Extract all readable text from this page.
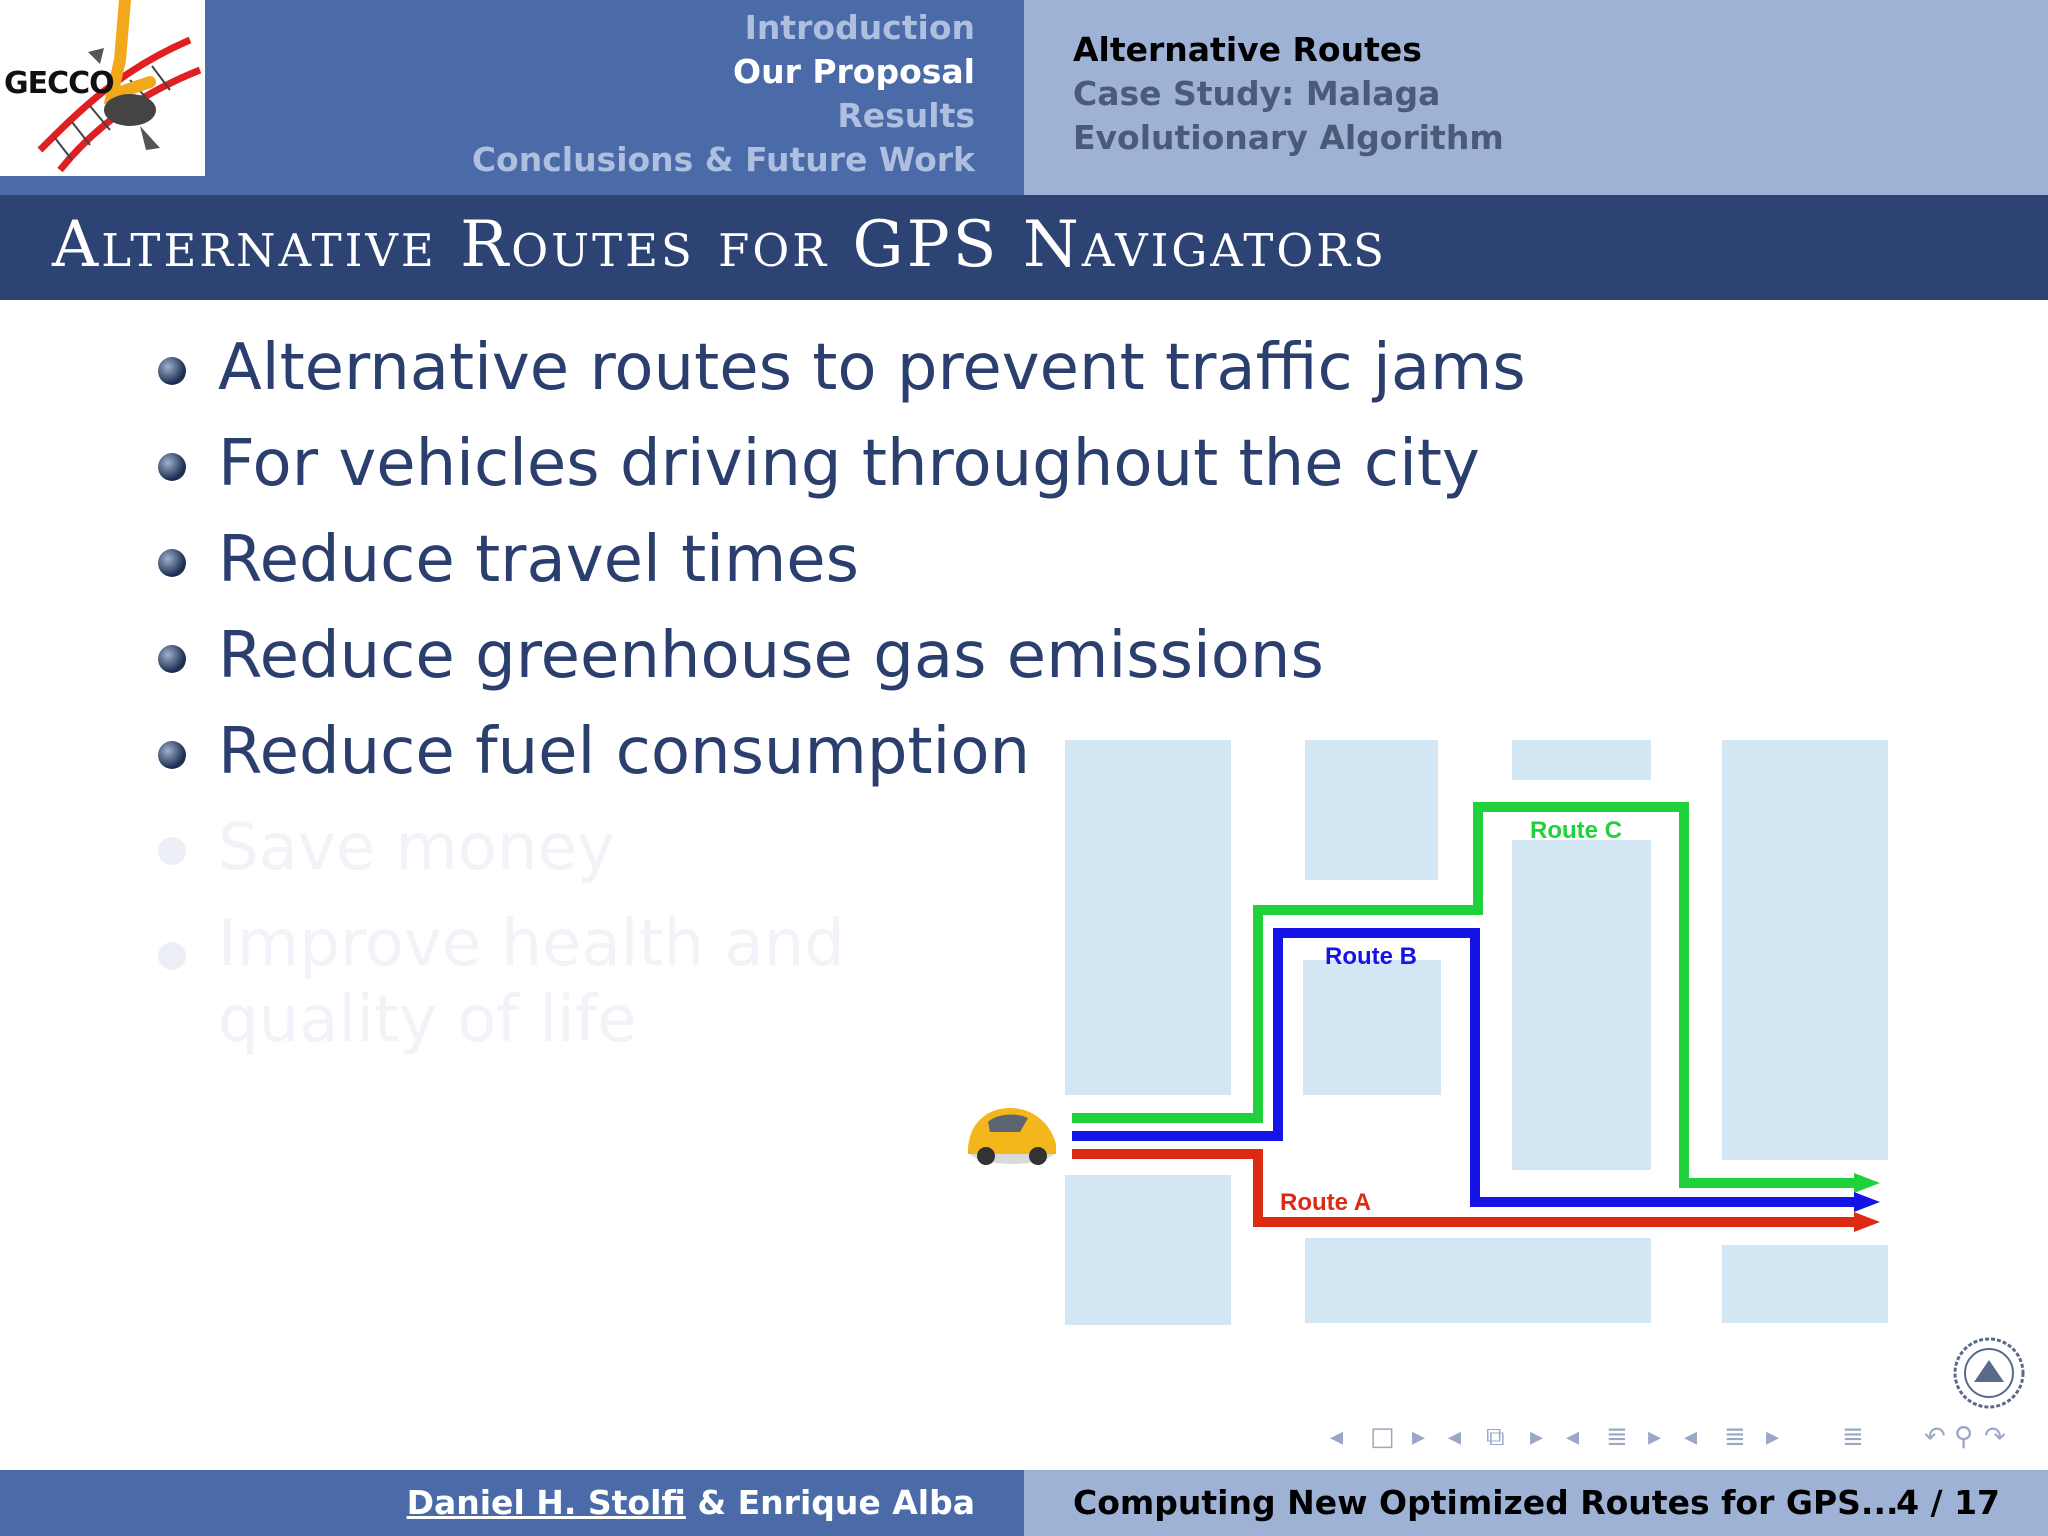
GECCO
Introduction
Our Proposal
Results
Conclusions & Future Work
Alternative Routes
Case Study: Malaga
Evolutionary Algorithm
Alternative Routes for GPS Navigators
Alternative routes to prevent traffic jams
For vehicles driving throughout the city
Reduce travel times
Reduce greenhouse gas emissions
Reduce fuel consumption
Save money
Improve health and
quality of life
Route C
Route B
Route A
◂ □ ▸ ◂ ⧉ ▸ ◂ ≣ ▸ ◂ ≣ ▸ ≣ ↶ ⚲ ↷
Daniel H. Stolfi & Enrique Alba	Computing New Optimized Routes for GPS...
4 / 17
